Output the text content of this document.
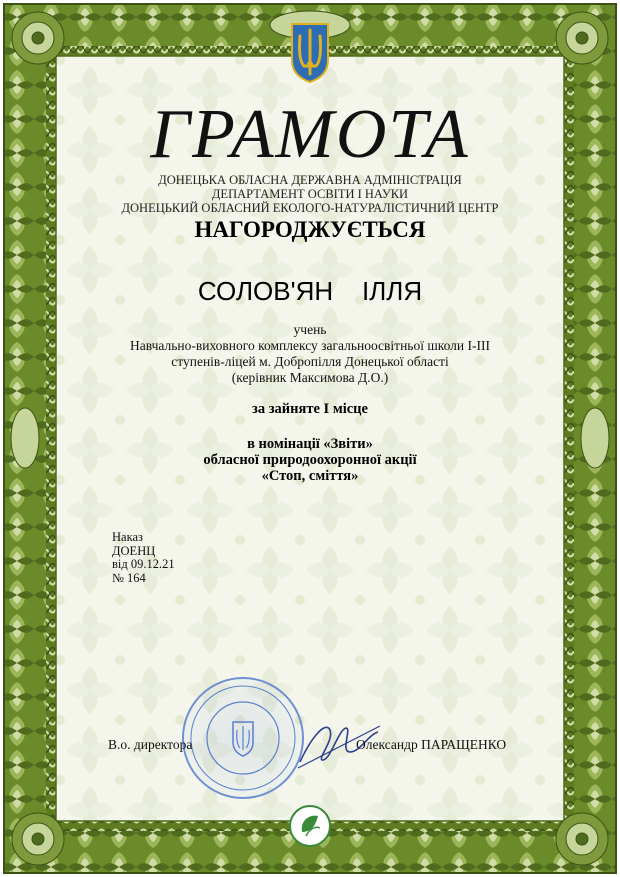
ГРАМОТА
ДОНЕЦЬКА ОБЛАСНА ДЕРЖАВНА АДМІНІСТРАЦІЯ
ДЕПАРТАМЕНТ ОСВІТИ І НАУКИ
ДОНЕЦЬКИЙ ОБЛАСНИЙ ЕКОЛОГО-НАТУРАЛІСТИЧНИЙ ЦЕНТР
НАГОРОДЖУЄТЬСЯ
СОЛОВ'ЯН    ІЛЛЯ
учень
Навчально-виховного комплексу загальноосвітньої школи І-ІІІ
ступенів-ліцей м. Добропілля Донецької області
(керівник Максимова Д.О.)
за зайняте І місце
в номінації «Звіти»
обласної природоохоронної акції
«Стоп, сміття»
Наказ
ДОЕНЦ
від 09.12.21
№ 164
В.о. директора	Олександр ПАРАЩЕНКО
